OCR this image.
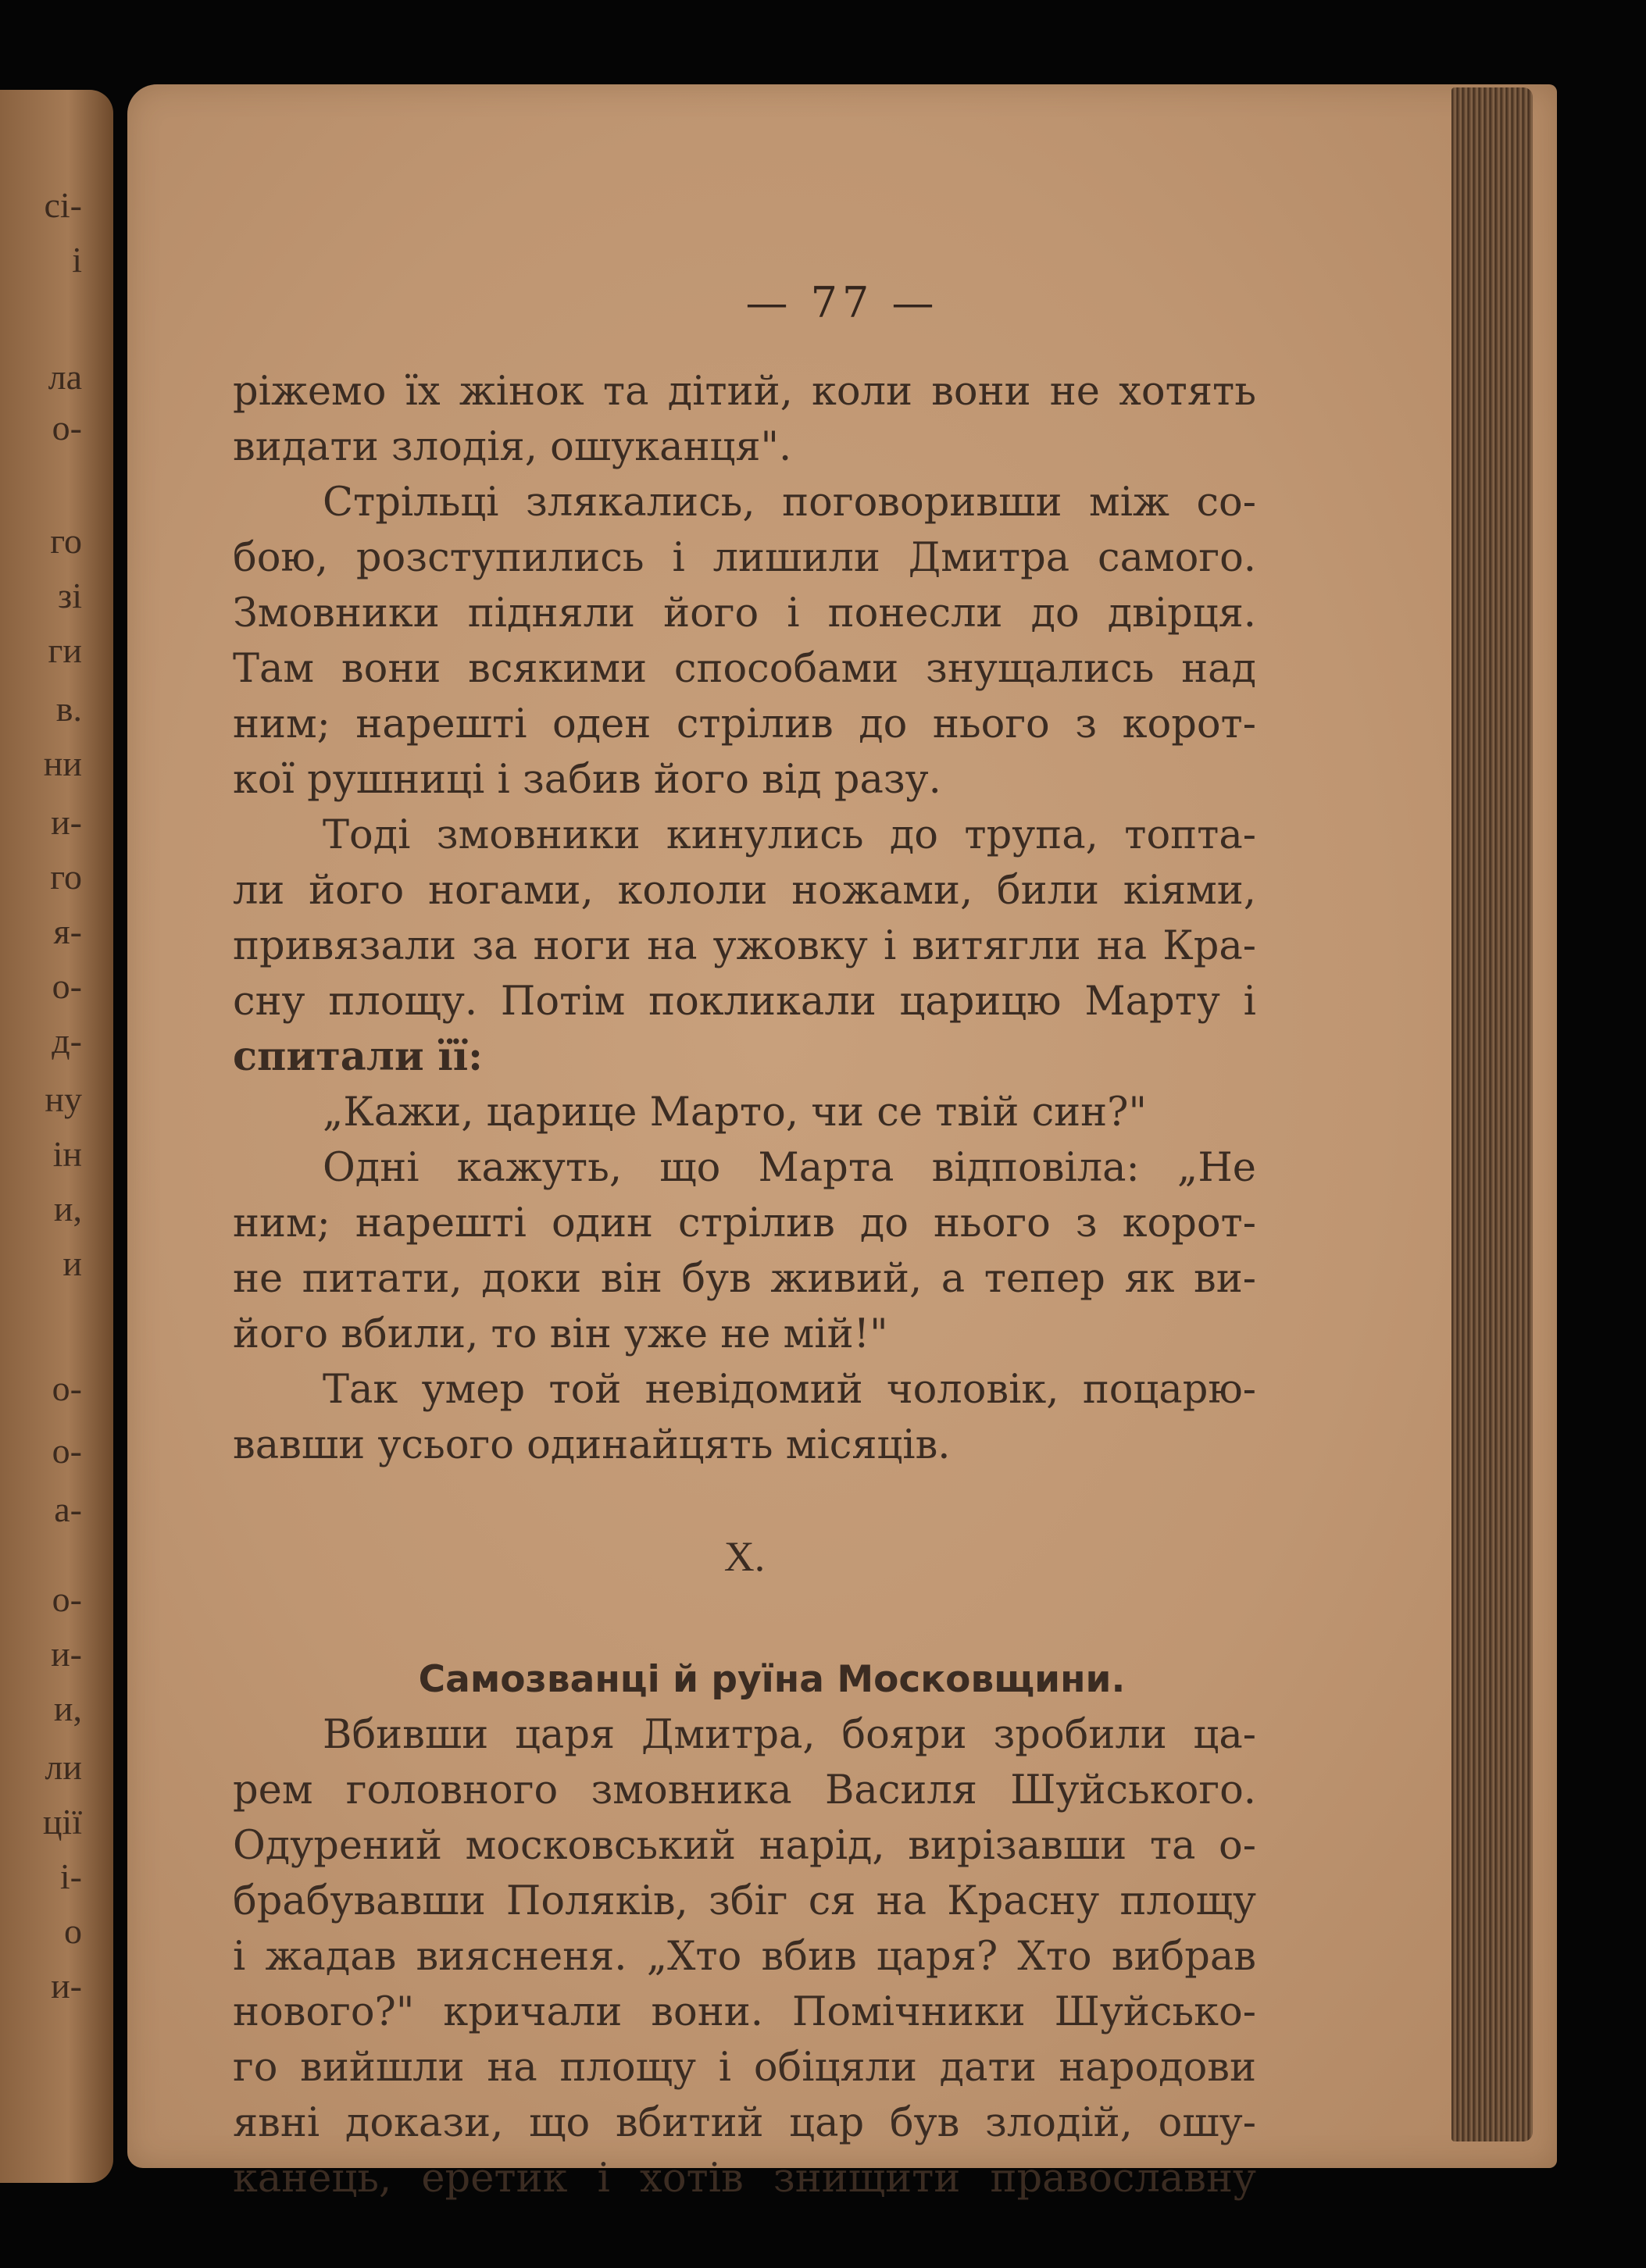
сі-
і
ла
о-
го
зі
ги
в.
ни
и-
го
я-
о-
д-
ну
ін
и,
и
о-
о-
а-
о-
и-
и,
ли
ції
і-
о
и-
— 77 —
ріжемо їх жінок та дітий, коли вони не хотять
видати злодія, ошуканця".
Стрільці злякались, поговоривши між со-
бою, розступились і лишили Дмитра самого.
Змовники підняли його і понесли до двірця.
Там вони всякими способами знущались над
ним; нарешті оден стрілив до нього з корот-
кої рушниці і забив його від разу.
Тоді змовники кинулись до трупа, топта-
ли його ногами, кололи ножами, били кіями,
привязали за ноги на ужовку і витягли на Кра-
сну площу. Потім покликали царицю Марту і
спитали її:
„Кажи, царице Марто, чи се твій син?"
Одні кажуть, що Марта відповіла: „Не
ним; нарешті один стрілив до нього з корот-
не питати, доки він був живий, а тепер як ви-
його вбили, то він уже не мій!"
Так умер той невідомий чоловік, поцарю-
вавши усього одинайцять місяців.
X.
Самозванці й руїна Московщини.
Вбивши царя Дмитра, бояри зробили ца-
рем головного змовника Василя Шуйського.
Одурений московський нарід, вирізавши та о-
брабувавши Поляків, збіг ся на Красну площу
і жадав виясненя. „Хто вбив царя? Хто вибрав
нового?" кричали вони. Помічники Шуйсько-
го вийшли на площу і обіцяли дати народови
явні докази, що вбитий цар був злодій, ошу-
канець, еретик і хотів знищити православну
